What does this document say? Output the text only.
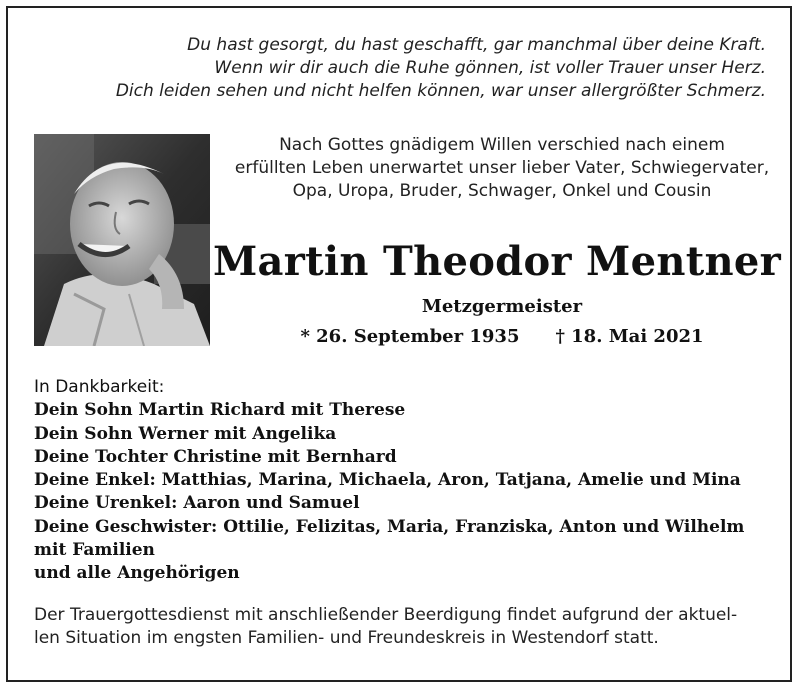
Du hast gesorgt, du hast geschafft, gar manchmal über deine Kraft.
Wenn wir dir auch die Ruhe gönnen, ist voller Trauer unser Herz.
Dich leiden sehen und nicht helfen können, war unser allergrößter Schmerz.
Nach Gottes gnädigem Willen verschied nach einem
erfüllten Leben unerwartet unser lieber Vater, Schwiegervater,
Opa, Uropa, Bruder, Schwager, Onkel und Cousin
Martin Theodor Mentner
Metzgermeister
* 26. September 1935 † 18. Mai 2021
In Dankbarkeit:
Dein Sohn Martin Richard mit Therese
Dein Sohn Werner mit Angelika
Deine Tochter Christine mit Bernhard
Deine Enkel: Matthias, Marina, Michaela, Aron, Tatjana, Amelie und Mina
Deine Urenkel: Aaron und Samuel
Deine Geschwister: Ottilie, Felizitas, Maria, Franziska, Anton und Wilhelm
mit Familien
und alle Angehörigen
Der Trauergottesdienst mit anschließender Beerdigung findet aufgrund der aktuel-
len Situation im engsten Familien- und Freundeskreis in Westendorf statt.
